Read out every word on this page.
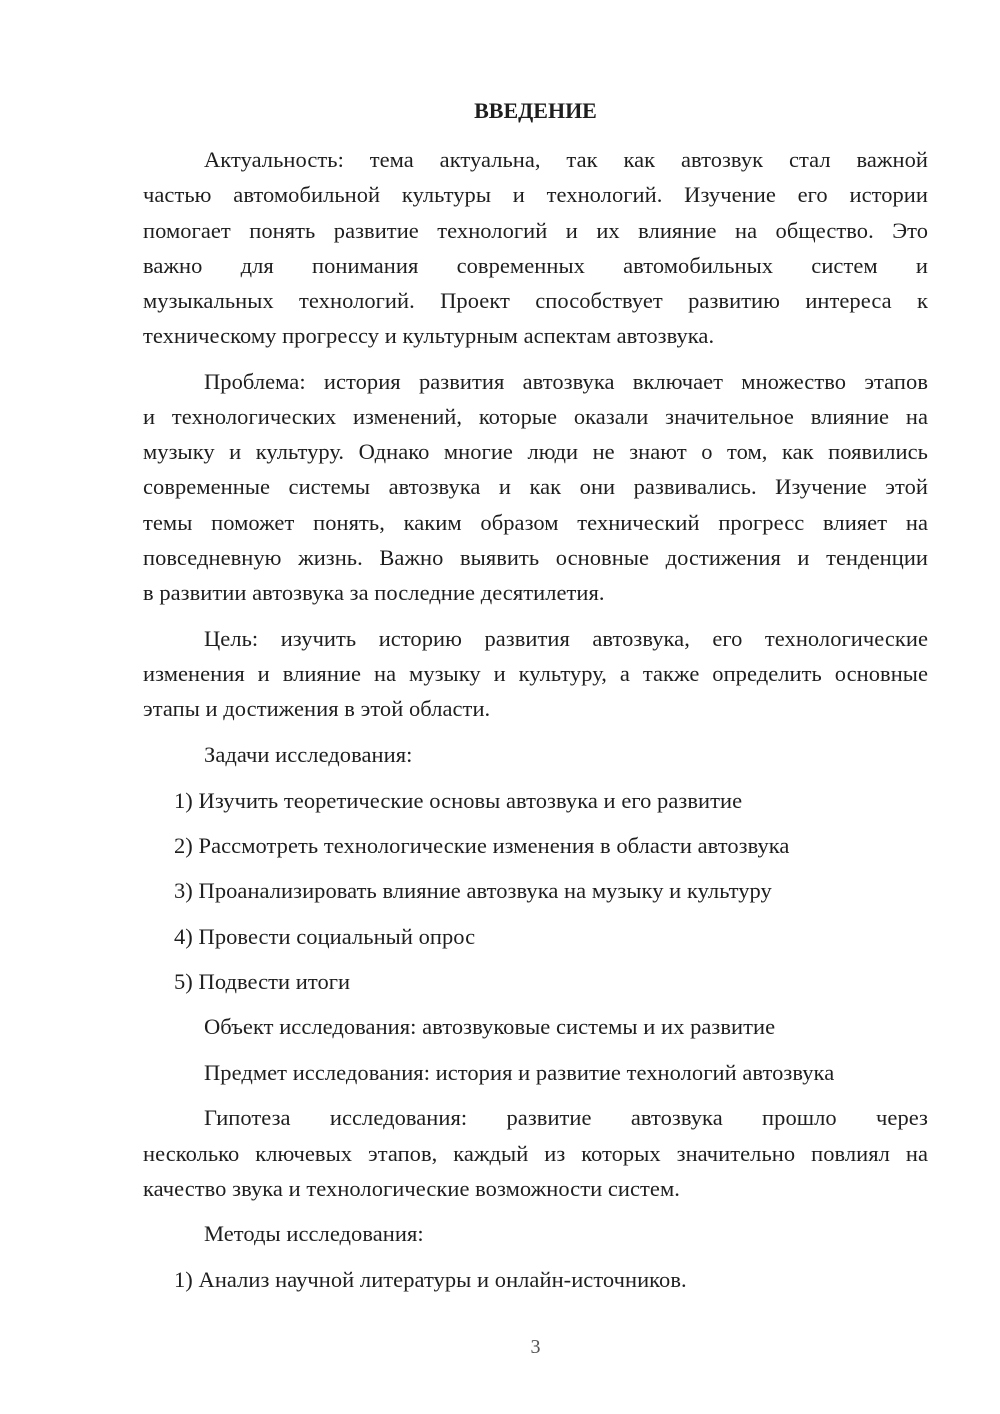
ВВЕДЕНИЕ
Актуальность: тема актуальна, так как автозвук стал важной
частью автомобильной культуры и технологий. Изучение его истории
помогает понять развитие технологий и их влияние на общество. Это
важно для понимания современных автомобильных систем и
музыкальных технологий. Проект способствует развитию интереса к
техническому прогрессу и культурным аспектам автозвука.
Проблема: история развития автозвука включает множество этапов
и технологических изменений, которые оказали значительное влияние на
музыку и культуру. Однако многие люди не знают о том, как появились
современные системы автозвука и как они развивались. Изучение этой
темы поможет понять, каким образом технический прогресс влияет на
повседневную жизнь. Важно выявить основные достижения и тенденции
в развитии автозвука за последние десятилетия.
Цель: изучить историю развития автозвука, его технологические
изменения и влияние на музыку и культуру, а также определить основные
этапы и достижения в этой области.
Задачи исследования:
1) Изучить теоретические основы автозвука и его развитие
2) Рассмотреть технологические изменения в области автозвука
3) Проанализировать влияние автозвука на музыку и культуру
4) Провести социальный опрос
5) Подвести итоги
Объект исследования: автозвуковые системы и их развитие
Предмет исследования: история и развитие технологий автозвука
Гипотеза исследования: развитие автозвука прошло через
несколько ключевых этапов, каждый из которых значительно повлиял на
качество звука и технологические возможности систем.
Методы исследования:
1) Анализ научной литературы и онлайн-источников.
3
